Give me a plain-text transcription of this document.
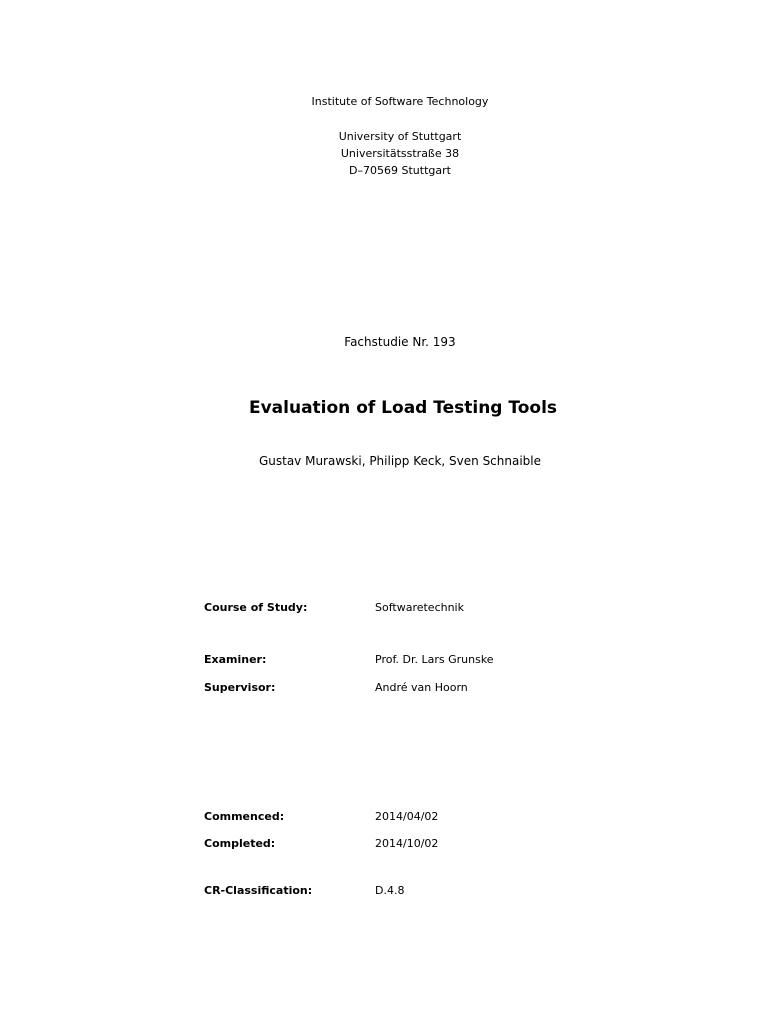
Institute of Software Technology
University of Stuttgart
Universitätsstraße 38
D–70569 Stuttgart
Fachstudie Nr. 193
Evaluation of Load Testing Tools
Gustav Murawski, Philipp Keck, Sven Schnaible
Course of Study:	Softwaretechnik
Examiner:	Prof. Dr. Lars Grunske
Supervisor:	André van Hoorn
Commenced:	2014/04/02
Completed:	2014/10/02
CR-Classification:	D.4.8
